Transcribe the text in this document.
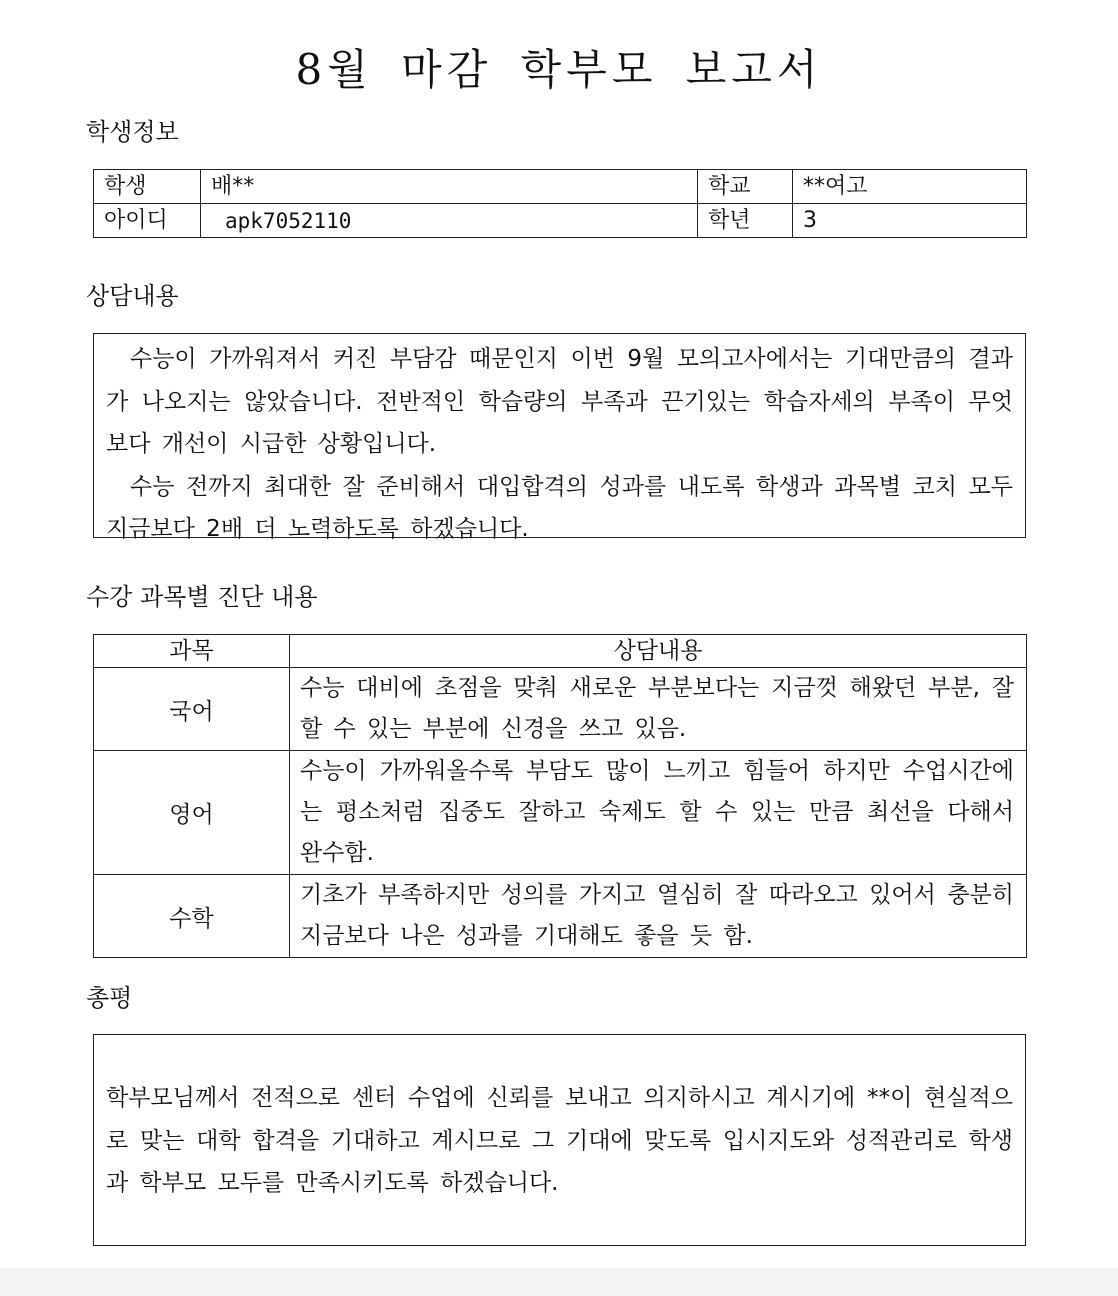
8월 마감 학부모 보고서
학생정보
학생	배**	학교	**여고
아이디	apk7052110	학년	3
상담내용

수능이 가까워져서 커진 부담감 때문인지 이번 9월 모의고사에서는 기대만큼의 결과가 나오지는 않았습니다. 전반적인 학습량의 부족과 끈기있는 학습자세의 부족이 무엇보다 개선이 시급한 상황입니다.

수능 전까지 최대한 잘 준비해서 대입합격의 성과를 내도록 학생과 과목별 코치 모두 지금보다 2배 더 노력하도록 하겠습니다.

수강 과목별 진단 내용
과목	상담내용
국어	수능 대비에 초점을 맞춰 새로운 부분보다는 지금껏 해왔던 부분, 잘 할 수 있는 부분에 신경을 쓰고 있음.
영어	수능이 가까워올수록 부담도 많이 느끼고 힘들어 하지만 수업시간에는 평소처럼 집중도 잘하고 숙제도 할 수 있는 만큼 최선을 다해서 완수함.
수학	기초가 부족하지만 성의를 가지고 열심히 잘 따라오고 있어서 충분히 지금보다 나은 성과를 기대해도 좋을 듯 함.
총평

학부모님께서 전적으로 센터 수업에 신뢰를 보내고 의지하시고 계시기에 **이 현실적으로 맞는 대학 합격을 기대하고 계시므로 그 기대에 맞도록 입시지도와 성적관리로 학생과 학부모 모두를 만족시키도록 하겠습니다.
